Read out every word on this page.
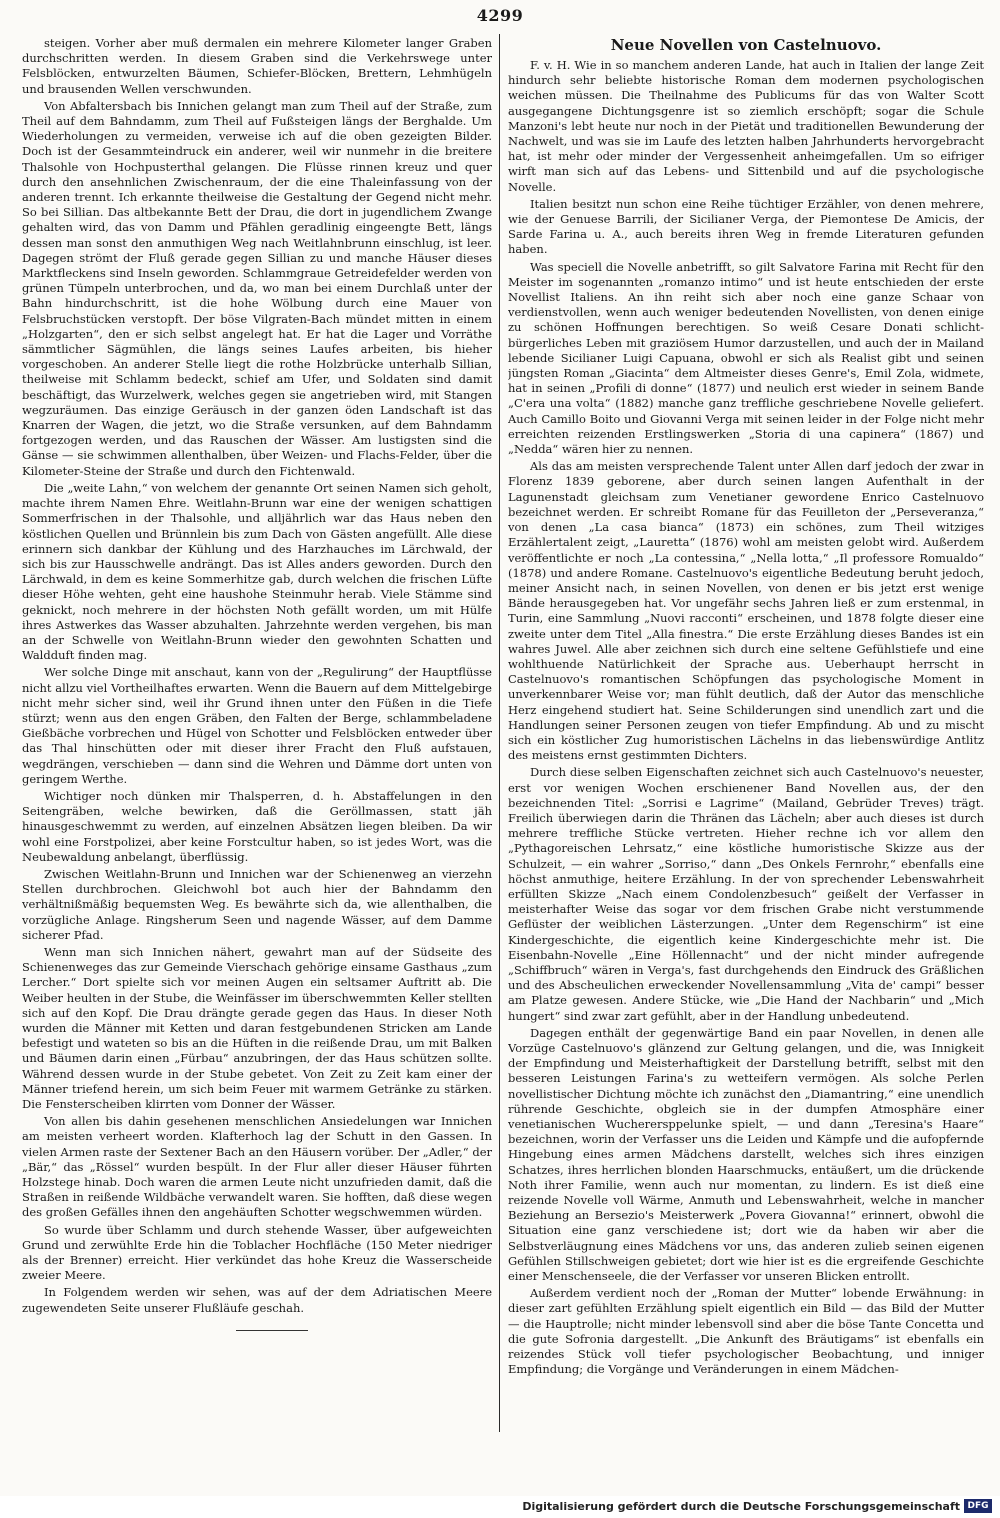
4299

steigen. Vorher aber muß dermalen ein mehrere Kilometer langer Graben durchschritten werden. In diesem Graben sind die Verkehrswege unter Felsblöcken, entwurzelten Bäumen, Schiefer-Blöcken, Brettern, Lehmhügeln und brausenden Wellen verschwunden.

Von Abfaltersbach bis Innichen gelangt man zum Theil auf der Straße, zum Theil auf dem Bahndamm, zum Theil auf Fußsteigen längs der Berghalde. Um Wiederholungen zu vermeiden, verweise ich auf die oben gezeigten Bilder. Doch ist der Gesammteindruck ein anderer, weil wir nunmehr in die breitere Thalsohle von Hochpusterthal gelangen. Die Flüsse rinnen kreuz und quer durch den ansehnlichen Zwischenraum, der die eine Thaleinfassung von der anderen trennt. Ich erkannte theilweise die Gestaltung der Gegend nicht mehr. So bei Sillian. Das altbekannte Bett der Drau, die dort in jugendlichem Zwange gehalten wird, das von Damm und Pfählen geradlinig eingeengte Bett, längs dessen man sonst den anmuthigen Weg nach Weitlahnbrunn einschlug, ist leer. Dagegen strömt der Fluß gerade gegen Sillian zu und manche Häuser dieses Marktfleckens sind Inseln geworden. Schlammgraue Getreidefelder werden von grünen Tümpeln unterbrochen, und da, wo man bei einem Durchlaß unter der Bahn hindurchschritt, ist die hohe Wölbung durch eine Mauer von Felsbruchstücken verstopft. Der böse Vilgraten-Bach mündet mitten in einem „Holzgarten“, den er sich selbst angelegt hat. Er hat die Lager und Vorräthe sämmtlicher Sägmühlen, die längs seines Laufes arbeiten, bis hieher vorgeschoben. An anderer Stelle liegt die rothe Holzbrücke unterhalb Sillian, theilweise mit Schlamm bedeckt, schief am Ufer, und Soldaten sind damit beschäftigt, das Wurzelwerk, welches gegen sie angetrieben wird, mit Stangen wegzuräumen. Das einzige Geräusch in der ganzen öden Landschaft ist das Knarren der Wagen, die jetzt, wo die Straße versunken, auf dem Bahndamm fortgezogen werden, und das Rauschen der Wässer. Am lustigsten sind die Gänse — sie schwimmen allenthalben, über Weizen- und Flachs-Felder, über die Kilometer-Steine der Straße und durch den Fichtenwald.

Die „weite Lahn,“ von welchem der genannte Ort seinen Namen sich geholt, machte ihrem Namen Ehre. Weitlahn-Brunn war eine der wenigen schattigen Sommerfrischen in der Thalsohle, und alljährlich war das Haus neben den köstlichen Quellen und Brünnlein bis zum Dach von Gästen angefüllt. Alle diese erinnern sich dankbar der Kühlung und des Harzhauches im Lärchwald, der sich bis zur Hausschwelle andrängt. Das ist Alles anders geworden. Durch den Lärchwald, in dem es keine Sommerhitze gab, durch welchen die frischen Lüfte dieser Höhe wehten, geht eine haushohe Steinmuhr herab. Viele Stämme sind geknickt, noch mehrere in der höchsten Noth gefällt worden, um mit Hülfe ihres Astwerkes das Wasser abzuhalten. Jahrzehnte werden vergehen, bis man an der Schwelle von Weitlahn-Brunn wieder den gewohnten Schatten und Waldduft finden mag.

Wer solche Dinge mit anschaut, kann von der „Regulirung“ der Hauptflüsse nicht allzu viel Vortheilhaftes erwarten. Wenn die Bauern auf dem Mittelgebirge nicht mehr sicher sind, weil ihr Grund ihnen unter den Füßen in die Tiefe stürzt; wenn aus den engen Gräben, den Falten der Berge, schlammbeladene Gießbäche vorbrechen und Hügel von Schotter und Felsblöcken entweder über das Thal hinschütten oder mit dieser ihrer Fracht den Fluß aufstauen, wegdrängen, verschieben — dann sind die Wehren und Dämme dort unten von geringem Werthe.

Wichtiger noch dünken mir Thalsperren, d. h. Abstaffelungen in den Seitengräben, welche bewirken, daß die Geröllmassen, statt jäh hinausgeschwemmt zu werden, auf einzelnen Absätzen liegen bleiben. Da wir wohl eine Forstpolizei, aber keine Forstcultur haben, so ist jedes Wort, was die Neubewaldung anbelangt, überflüssig.

Zwischen Weitlahn-Brunn und Innichen war der Schienenweg an vierzehn Stellen durchbrochen. Gleichwohl bot auch hier der Bahndamm den verhältnißmäßig bequemsten Weg. Es bewährte sich da, wie allenthalben, die vorzügliche Anlage. Ringsherum Seen und nagende Wässer, auf dem Damme sicherer Pfad.

Wenn man sich Innichen nähert, gewahrt man auf der Südseite des Schienenweges das zur Gemeinde Vierschach gehörige einsame Gasthaus „zum Lercher.“ Dort spielte sich vor meinen Augen ein seltsamer Auftritt ab. Die Weiber heulten in der Stube, die Weinfässer im überschwemmten Keller stellten sich auf den Kopf. Die Drau drängte gerade gegen das Haus. In dieser Noth wurden die Männer mit Ketten und daran festgebundenen Stricken am Lande befestigt und wateten so bis an die Hüften in die reißende Drau, um mit Balken und Bäumen darin einen „Fürbau“ anzubringen, der das Haus schützen sollte. Während dessen wurde in der Stube gebetet. Von Zeit zu Zeit kam einer der Männer triefend herein, um sich beim Feuer mit warmem Getränke zu stärken. Die Fensterscheiben klirrten vom Donner der Wässer.

Von allen bis dahin gesehenen menschlichen Ansiedelungen war Innichen am meisten verheert worden. Klafterhoch lag der Schutt in den Gassen. In vielen Armen raste der Sextener Bach an den Häusern vorüber. Der „Adler,“ der „Bär,“ das „Rössel“ wurden bespült. In der Flur aller dieser Häuser führten Holzstege hinab. Doch waren die armen Leute nicht unzufrieden damit, daß die Straßen in reißende Wildbäche verwandelt waren. Sie hofften, daß diese wegen des großen Gefälles ihnen den angehäuften Schotter wegschwemmen würden.

So wurde über Schlamm und durch stehende Wasser, über aufgeweichten Grund und zerwühlte Erde hin die Toblacher Hochfläche (150 Meter niedriger als der Brenner) erreicht. Hier verkündet das hohe Kreuz die Wasserscheide zweier Meere.

In Folgendem werden wir sehen, was auf der dem Adriatischen Meere zugewendeten Seite unserer Flußläufe geschah.

Neue Novellen von Castelnuovo.

F. v. H. Wie in so manchem anderen Lande, hat auch in Italien der lange Zeit hindurch sehr beliebte historische Roman dem modernen psychologischen weichen müssen. Die Theilnahme des Publicums für das von Walter Scott ausgegangene Dichtungsgenre ist so ziemlich erschöpft; sogar die Schule Manzoni's lebt heute nur noch in der Pietät und traditionellen Bewunderung der Nachwelt, und was sie im Laufe des letzten halben Jahrhunderts hervorgebracht hat, ist mehr oder minder der Vergessenheit anheimgefallen. Um so eifriger wirft man sich auf das Lebens- und Sittenbild und auf die psychologische Novelle.

Italien besitzt nun schon eine Reihe tüchtiger Erzähler, von denen mehrere, wie der Genuese Barrili, der Sicilianer Verga, der Piemontese De Amicis, der Sarde Farina u. A., auch bereits ihren Weg in fremde Literaturen gefunden haben.

Was speciell die Novelle anbetrifft, so gilt Salvatore Farina mit Recht für den Meister im sogenannten „romanzo intimo“ und ist heute entschieden der erste Novellist Italiens. An ihn reiht sich aber noch eine ganze Schaar von verdienstvollen, wenn auch weniger bedeutenden Novellisten, von denen einige zu schönen Hoffnungen berechtigen. So weiß Cesare Donati schlicht-bürgerliches Leben mit graziösem Humor darzustellen, und auch der in Mailand lebende Sicilianer Luigi Capuana, obwohl er sich als Realist gibt und seinen jüngsten Roman „Giacinta“ dem Altmeister dieses Genre's, Emil Zola, widmete, hat in seinen „Profili di donne“ (1877) und neulich erst wieder in seinem Bande „C'era una volta“ (1882) manche ganz treffliche geschriebene Novelle geliefert. Auch Camillo Boito und Giovanni Verga mit seinen leider in der Folge nicht mehr erreichten reizenden Erstlingswerken „Storia di una capinera“ (1867) und „Nedda“ wären hier zu nennen.

Als das am meisten versprechende Talent unter Allen darf jedoch der zwar in Florenz 1839 geborene, aber durch seinen langen Aufenthalt in der Lagunenstadt gleichsam zum Venetianer gewordene Enrico Castelnuovo bezeichnet werden. Er schreibt Romane für das Feuilleton der „Perseveranza,“ von denen „La casa bianca“ (1873) ein schönes, zum Theil witziges Erzählertalent zeigt, „Lauretta“ (1876) wohl am meisten gelobt wird. Außerdem veröffentlichte er noch „La contessina,“ „Nella lotta,“ „Il professore Romualdo“ (1878) und andere Romane. Castelnuovo's eigentliche Bedeutung beruht jedoch, meiner Ansicht nach, in seinen Novellen, von denen er bis jetzt erst wenige Bände herausgegeben hat. Vor ungefähr sechs Jahren ließ er zum erstenmal, in Turin, eine Sammlung „Nuovi racconti“ erscheinen, und 1878 folgte dieser eine zweite unter dem Titel „Alla finestra.“ Die erste Erzählung dieses Bandes ist ein wahres Juwel. Alle aber zeichnen sich durch eine seltene Gefühlstiefe und eine wohlthuende Natürlichkeit der Sprache aus. Ueberhaupt herrscht in Castelnuovo's romantischen Schöpfungen das psychologische Moment in unverkennbarer Weise vor; man fühlt deutlich, daß der Autor das menschliche Herz eingehend studiert hat. Seine Schilderungen sind unendlich zart und die Handlungen seiner Personen zeugen von tiefer Empfindung. Ab und zu mischt sich ein köstlicher Zug humoristischen Lächelns in das liebenswürdige Antlitz des meistens ernst gestimmten Dichters.

Durch diese selben Eigenschaften zeichnet sich auch Castelnuovo's neuester, erst vor wenigen Wochen erschienener Band Novellen aus, der den bezeichnenden Titel: „Sorrisi e Lagrime“ (Mailand, Gebrüder Treves) trägt. Freilich überwiegen darin die Thränen das Lächeln; aber auch dieses ist durch mehrere treffliche Stücke vertreten. Hieher rechne ich vor allem den „Pythagoreischen Lehrsatz,“ eine köstliche humoristische Skizze aus der Schulzeit, — ein wahrer „Sorriso,“ dann „Des Onkels Fernrohr,“ ebenfalls eine höchst anmuthige, heitere Erzählung. In der von sprechender Lebenswahrheit erfüllten Skizze „Nach einem Condolenzbesuch“ geißelt der Verfasser in meisterhafter Weise das sogar vor dem frischen Grabe nicht verstummende Geflüster der weiblichen Lästerzungen. „Unter dem Regenschirm“ ist eine Kindergeschichte, die eigentlich keine Kindergeschichte mehr ist. Die Eisenbahn-Novelle „Eine Höllennacht“ und der nicht minder aufregende „Schiffbruch“ wären in Verga's, fast durchgehends den Eindruck des Gräßlichen und des Abscheulichen erweckender Novellensammlung „Vita de' campi“ besser am Platze gewesen. Andere Stücke, wie „Die Hand der Nachbarin“ und „Mich hungert“ sind zwar zart gefühlt, aber in der Handlung unbedeutend.

Dagegen enthält der gegenwärtige Band ein paar Novellen, in denen alle Vorzüge Castelnuovo's glänzend zur Geltung gelangen, und die, was Innigkeit der Empfindung und Meisterhaftigkeit der Darstellung betrifft, selbst mit den besseren Leistungen Farina's zu wetteifern vermögen. Als solche Perlen novellistischer Dichtung möchte ich zunächst den „Diamantring,“ eine unendlich rührende Geschichte, obgleich sie in der dumpfen Atmosphäre einer venetianischen Wucherersppelunke spielt, — und dann „Teresina's Haare“ bezeichnen, worin der Verfasser uns die Leiden und Kämpfe und die aufopfernde Hingebung eines armen Mädchens darstellt, welches sich ihres einzigen Schatzes, ihres herrlichen blonden Haarschmucks, entäußert, um die drückende Noth ihrer Familie, wenn auch nur momentan, zu lindern. Es ist dieß eine reizende Novelle voll Wärme, Anmuth und Lebenswahrheit, welche in mancher Beziehung an Bersezio's Meisterwerk „Povera Giovanna!“ erinnert, obwohl die Situation eine ganz verschiedene ist; dort wie da haben wir aber die Selbstverläugnung eines Mädchens vor uns, das anderen zulieb seinen eigenen Gefühlen Stillschweigen gebietet; dort wie hier ist es die ergreifende Geschichte einer Menschenseele, die der Verfasser vor unseren Blicken entrollt.

Außerdem verdient noch der „Roman der Mutter“ lobende Erwähnung: in dieser zart gefühlten Erzählung spielt eigentlich ein Bild — das Bild der Mutter — die Hauptrolle; nicht minder lebensvoll sind aber die böse Tante Concetta und die gute Sofronia dargestellt. „Die Ankunft des Bräutigams“ ist ebenfalls ein reizendes Stück voll tiefer psychologischer Beobachtung, und inniger Empfindung; die Vorgänge und Veränderungen in einem Mädchen-

Digitalisierung gefördert durch die Deutsche Forschungsgemeinschaft DFG
